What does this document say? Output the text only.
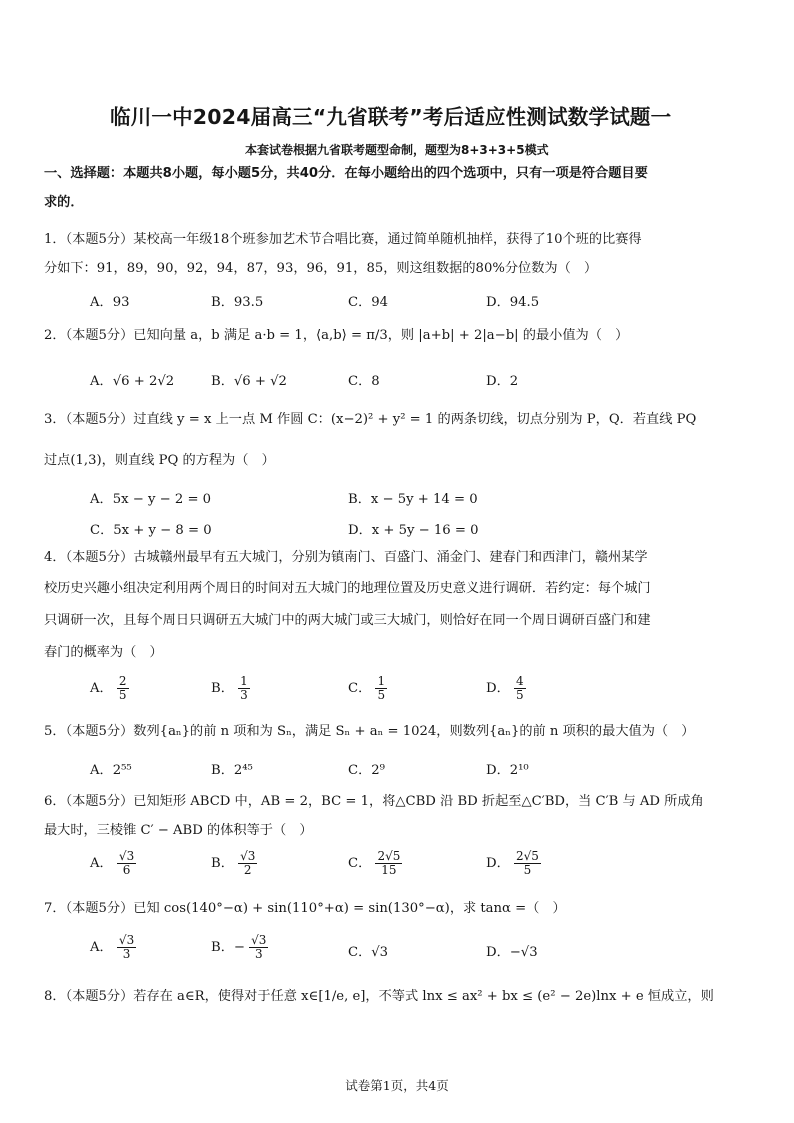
临川一中2024届高三“九省联考”考后适应性测试数学试题一
本套试卷根据九省联考题型命制，题型为8+3+3+5模式
一、选择题：本题共8小题，每小题5分，共40分．在每小题给出的四个选项中，只有一项是符合题目要
求的．
1．（本题5分）某校高一年级18个班参加艺术节合唱比赛，通过简单随机抽样，获得了10个班的比赛得
分如下：91，89，90，92，94，87，93，96，91，85，则这组数据的80%分位数为（　）
A．93	B．93.5	C．94	D．94.5
2．（本题5分）已知向量 a，b 满足 a·b = 1，⟨a,b⟩ = π/3，则 |a+b| + 2|a−b| 的最小值为（　）
A．√6 + 2√2	B．√6 + √2	C．8	D．2
3．（本题5分）过直线 y = x 上一点 M 作圆 C：(x−2)² + y² = 1 的两条切线，切点分别为 P，Q．若直线 PQ
过点(1,3)，则直线 PQ 的方程为（　）
A．5x − y − 2 = 0	B．x − 5y + 14 = 0
C．5x + y − 8 = 0	D．x + 5y − 16 = 0
4．（本题5分）古城赣州最早有五大城门，分别为镇南门、百盛门、涌金门、建春门和西津门，赣州某学
校历史兴趣小组决定利用两个周日的时间对五大城门的地理位置及历史意义进行调研．若约定：每个城门
只调研一次，且每个周日只调研五大城门中的两大城门或三大城门，则恰好在同一个周日调研百盛门和建
春门的概率为（　）
A． $\frac{2}{5}$	B． $\frac{1}{3}$	C． $\frac{1}{5}$	D． $\frac{4}{5}$
5．（本题5分）数列{aₙ}的前 n 项和为 Sₙ，满足 Sₙ + aₙ = 1024，则数列{aₙ}的前 n 项积的最大值为（　）
A．2⁵⁵	B．2⁴⁵	C．2⁹	D．2¹⁰
6．（本题5分）已知矩形 ABCD 中，AB = 2，BC = 1，将△CBD 沿 BD 折起至△C′BD，当 C′B 与 AD 所成角
最大时，三棱锥 C′ − ABD 的体积等于（　）
A． $\frac{√3}{6}$	B． $\frac{√3}{2}$	C． $\frac{2√5}{15}$	D． $\frac{2√5}{5}$
7．（本题5分）已知 cos(140°−α) + sin(110°+α) = sin(130°−α)，求 tanα =（　）
A． $\frac{√3}{3}$	B．− $\frac{√3}{3}$	C．√3	D．−√3
8．（本题5分）若存在 a∈R，使得对于任意 x∈[1/e, e]，不等式 lnx ≤ ax² + bx ≤ (e² − 2e)lnx + e 恒成立，则
试卷第1页，共4页
